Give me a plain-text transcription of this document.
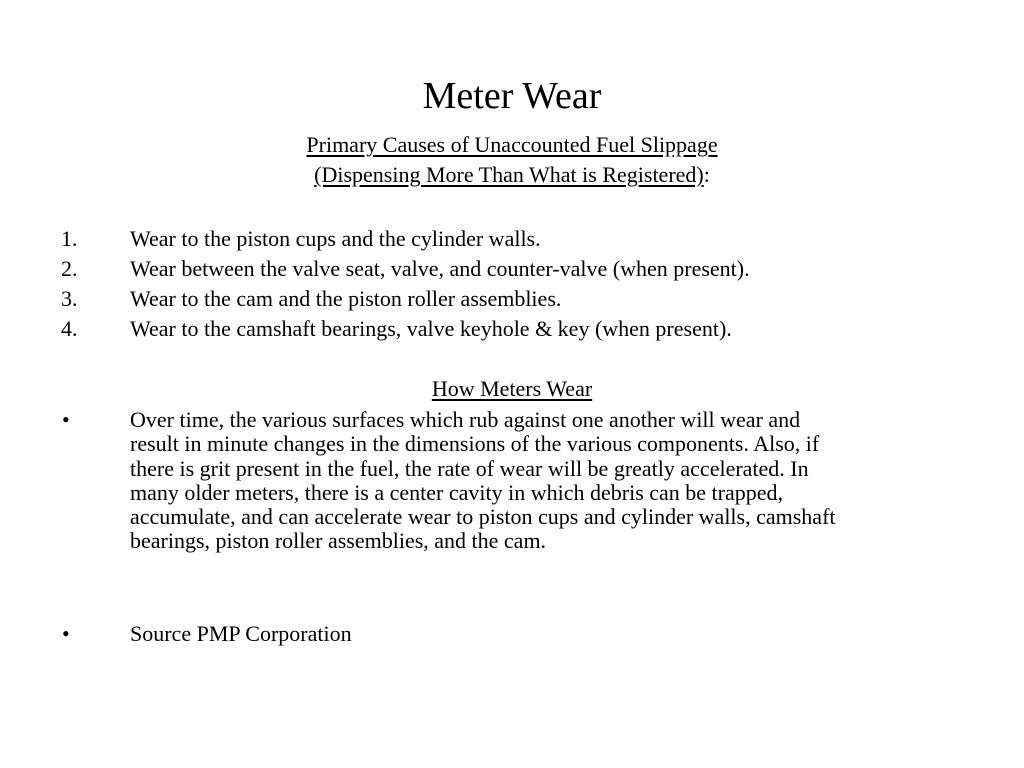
Meter Wear
Primary Causes of Unaccounted Fuel Slippage
(Dispensing More Than What is Registered):
1. Wear to the piston cups and the cylinder walls.
2. Wear between the valve seat, valve, and counter-valve (when present).
3. Wear to the cam and the piston roller assemblies.
4. Wear to the camshaft bearings, valve keyhole & key (when present).
How Meters Wear
•	Over time, the various surfaces which rub against one another will wear and
result in minute changes in the dimensions of the various components. Also, if
there is grit present in the fuel, the rate of wear will be greatly accelerated. In
many older meters, there is a center cavity in which debris can be trapped,
accumulate, and can accelerate wear to piston cups and cylinder walls, camshaft
bearings, piston roller assemblies, and the cam.
•	Source PMP Corporation
